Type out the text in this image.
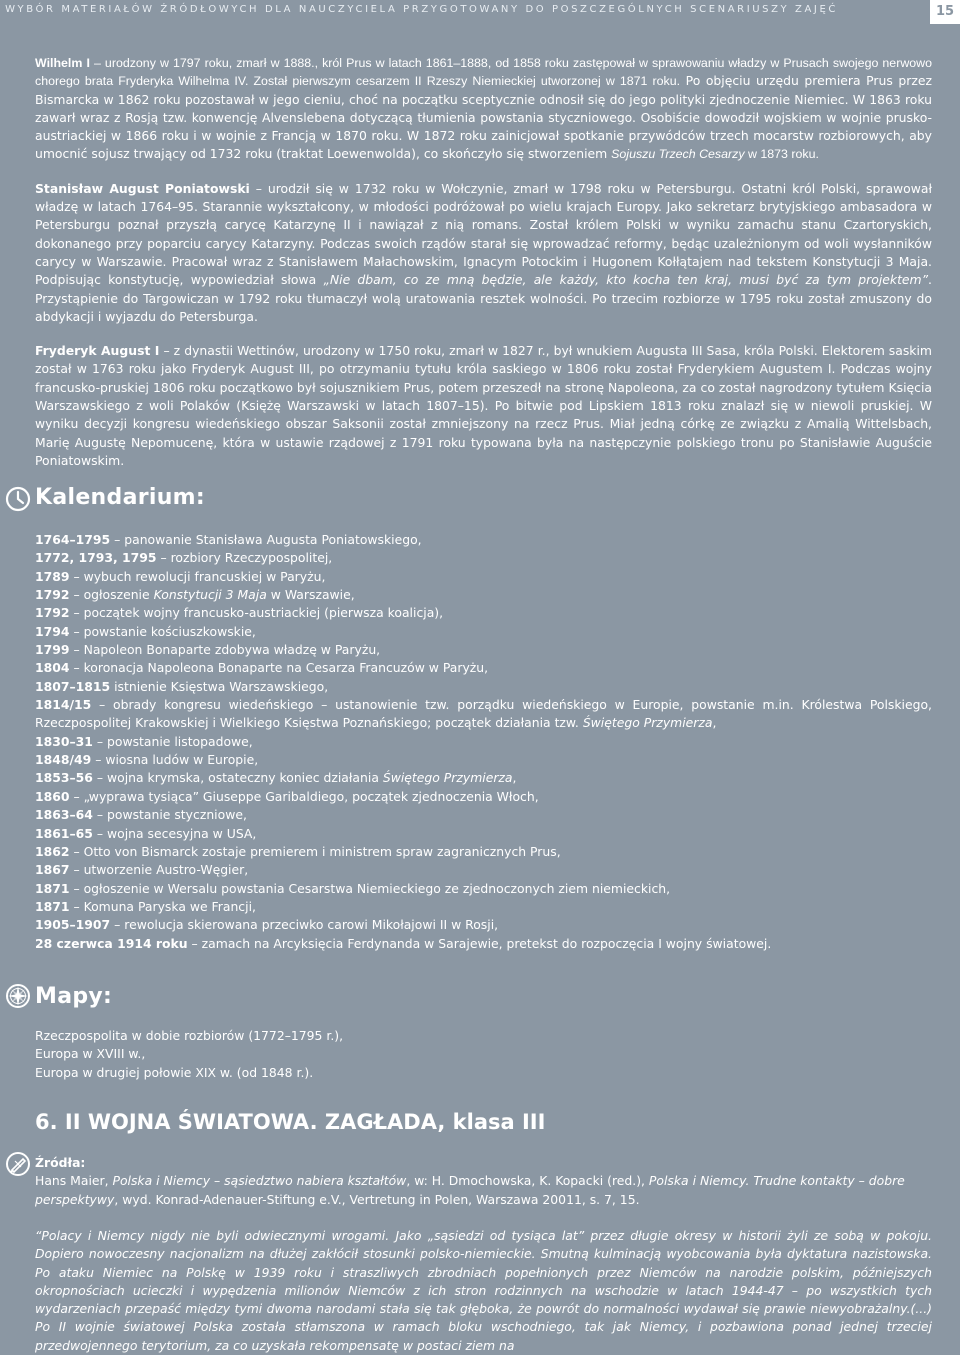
WYBÓR MATERIAŁÓW ŹRÓDŁOWYCH DLA NAUCZYCIELA PRZYGOTOWANY DO POSZCZEGÓLNYCH SCENARIUSZY ZAJĘĆ	15

Wilhelm I – urodzony w 1797 roku, zmarł w 1888., król Prus w latach 1861–1888, od 1858 roku zastępował w sprawowaniu władzy w Prusach swojego nerwowo chorego brata Fryderyka Wilhelma IV. Został pierwszym cesarzem II Rzeszy Niemieckiej utworzonej w 1871 roku. Po objęciu urzędu premiera Prus przez Bismarcka w 1862 roku pozostawał w jego cieniu, choć na początku sceptycznie odnosił się do jego polityki zjednoczenie Niemiec. W 1863 roku zawarł wraz z Rosją tzw. konwencję Alvenslebena dotyczącą tłumienia powstania styczniowego. Osobiście dowodził wojskiem w wojnie prusko-austriackiej w 1866 roku i w wojnie z Francją w 1870 roku. W 1872 roku zainicjował spotkanie przywódców trzech mocarstw rozbiorowych, aby umocnić sojusz trwający od 1732 roku (traktat Loewenwolda), co skończyło się stworzeniem Sojuszu Trzech Cesarzy w 1873 roku.

Stanisław August Poniatowski – urodził się w 1732 roku w Wołczynie, zmarł w 1798 roku w Petersburgu. Ostatni król Polski, sprawował władzę w latach 1764–95. Starannie wykształcony, w młodości podróżował po wielu krajach Europy. Jako sekretarz brytyjskiego ambasadora w Petersburgu poznał przyszłą carycę Katarzynę II i nawiązał z nią romans. Został królem Polski w wyniku zamachu stanu Czartoryskich, dokonanego przy poparciu carycy Katarzyny. Podczas swoich rządów starał się wprowadzać reformy, będąc uzależnionym od woli wysłanników carycy w Warszawie. Pracował wraz z Stanisławem Małachowskim, Ignacym Potockim i Hugonem Kołłątajem nad tekstem Konstytucji 3 Maja. Podpisując konstytucję, wypowiedział słowa „Nie dbam, co ze mną będzie, ale każdy, kto kocha ten kraj, musi być za tym projektem”. Przystąpienie do Targowiczan w 1792 roku tłumaczył wolą uratowania resztek wolności. Po trzecim rozbiorze w 1795 roku został zmuszony do abdykacji i wyjazdu do Petersburga.

Fryderyk August I – z dynastii Wettinów, urodzony w 1750 roku, zmarł w 1827 r., był wnukiem Augusta III Sasa, króla Polski. Elektorem saskim został w 1763 roku jako Fryderyk August III, po otrzymaniu tytułu króla saskiego w 1806 roku został Fryderykiem Augustem I. Podczas wojny francusko-pruskiej 1806 roku początkowo był sojusznikiem Prus, potem przeszedł na stronę Napoleona, za co został nagrodzony tytułem Księcia Warszawskiego z woli Polaków (Księżę Warszawski w latach 1807–15). Po bitwie pod Lipskiem 1813 roku znalazł się w niewoli pruskiej. W wyniku decyzji kongresu wiedeńskiego obszar Saksonii został zmniejszony na rzecz Prus. Miał jedną córkę ze związku z Amalią Wittelsbach, Marię Augustę Nepomucenę, która w ustawie rządowej z 1791 roku typowana była na następczynie polskiego tronu po Stanisławie Auguście Poniatowskim.

Kalendarium:
1764–1795 – panowanie Stanisława Augusta Poniatowskiego,
1772, 1793, 1795 – rozbiory Rzeczypospolitej,
1789 – wybuch rewolucji francuskiej w Paryżu,
1792 – ogłoszenie Konstytucji 3 Maja w Warszawie,
1792 – początek wojny francusko-austriackiej (pierwsza koalicja),
1794 – powstanie kościuszkowskie,
1799 – Napoleon Bonaparte zdobywa władzę w Paryżu,
1804 – koronacja Napoleona Bonaparte na Cesarza Francuzów w Paryżu,
1807–1815 istnienie Księstwa Warszawskiego,
1814/15 – obrady kongresu wiedeńskiego – ustanowienie tzw. porządku wiedeńskiego w Europie, powstanie m.in. Królestwa Polskiego, Rzeczpospolitej Krakowskiej i Wielkiego Księstwa Poznańskiego; początek działania tzw. Świętego Przymierza,
1830–31 – powstanie listopadowe,
1848/49 – wiosna ludów w Europie,
1853–56 – wojna krymska, ostateczny koniec działania Świętego Przymierza,
1860 – „wyprawa tysiąca” Giuseppe Garibaldiego, początek zjednoczenia Włoch,
1863–64 – powstanie styczniowe,
1861–65 – wojna secesyjna w USA,
1862 – Otto von Bismarck zostaje premierem i ministrem spraw zagranicznych Prus,
1867 – utworzenie Austro-Węgier,
1871 – ogłoszenie w Wersalu powstania Cesarstwa Niemieckiego ze zjednoczonych ziem niemieckich,
1871 – Komuna Paryska we Francji,
1905–1907 – rewolucja skierowana przeciwko carowi Mikołajowi II w Rosji,
28 czerwca 1914 roku – zamach na Arcyksięcia Ferdynanda w Sarajewie, pretekst do rozpoczęcia I wojny światowej.
Mapy:
Rzeczpospolita w dobie rozbiorów (1772–1795 r.),
Europa w XVIII w.,
Europa w drugiej połowie XIX w. (od 1848 r.).
6. II WOJNA ŚWIATOWA. ZAGŁADA, klasa III
Źródła:
Hans Maier, Polska i Niemcy – sąsiedztwo nabiera kształtów, w: H. Dmochowska, K. Kopacki (red.), Polska i Niemcy. Trudne kontakty – dobre perspektywy, wyd. Konrad-Adenauer-Stiftung e.V., Vertretung in Polen, Warszawa 20011, s. 7, 15.
“Polacy i Niemcy nigdy nie byli odwiecznymi wrogami. Jako „sąsiedzi od tysiąca lat” przez długie okresy w historii żyli ze sobą w pokoju. Dopiero nowoczesny nacjonalizm na dłużej zakłócił stosunki polsko-niemieckie. Smutną kulminacją wyobcowania była dyktatura nazistowska. Po ataku Niemiec na Polskę w 1939 roku i straszliwych zbrodniach popełnionych przez Niemców na narodzie polskim, późniejszych okropnościach ucieczki i wypędzenia milionów Niemców z ich stron rodzinnych na wschodzie w latach 1944-47 – po wszystkich tych wydarzeniach przepaść między tymi dwoma narodami stała się tak głęboka, że powrót do normalności wydawał się prawie niewyobrażalny.(...) Po II wojnie światowej Polska została stłamszona w ramach bloku wschodniego, tak jak Niemcy, i pozbawiona ponad jednej trzeciej przedwojennego terytorium, za co uzyskała rekompensatę w postaci ziem na
